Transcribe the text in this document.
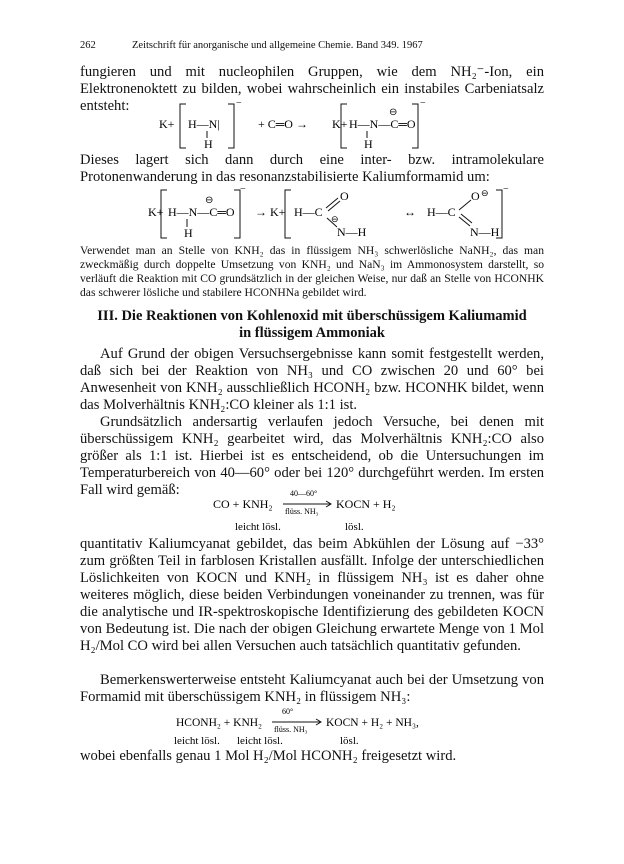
262	Zeitschrift für anorganische und allgemeine Chemie. Band 349. 1967

fungieren und mit nucleophilen Gruppen, wie dem NH₂⁻-Ion, ein Elektronenoktett zu bilden, wobei wahrscheinlich ein instabiles Carbeniatsalz entsteht:

K+ H—N|
H
−
+ C═O → K+ H—N—C═O
⊖
H
−

Dieses lagert sich dann durch eine inter- bzw. intramolekulare Protonenwanderung in das resonanzstabilisierte Kaliumformamid um:

K+ H—N—C═O
⊖
H
−
→ K+ H—C
O
⊖
N—H
↔ H—C
O ⊖
N—H
−

Verwendet man an Stelle von KNH₂ das in flüssigem NH₃ schwerlösliche NaNH₂, das man zweckmäßig durch doppelte Umsetzung von KNH₂ und NaN₃ im Ammonosystem darstellt, so verläuft die Reaktion mit CO grundsätzlich in der gleichen Weise, nur daß an Stelle von HCONHK das schwerer lösliche und stabilere HCONHNa gebildet wird.

III. Die Reaktionen von Kohlenoxid mit überschüssigem Kaliumamid
in flüssigem Ammoniak

Auf Grund der obigen Versuchsergebnisse kann somit festgestellt werden, daß sich bei der Reaktion von NH₃ und CO zwischen 20 und 60° bei Anwesenheit von KNH₂ ausschließlich HCONH₂ bzw. HCONHK bildet, wenn das Molverhältnis KNH₂:CO kleiner als 1:1 ist.

Grundsätzlich andersartig verlaufen jedoch Versuche, bei denen mit überschüssigem KNH₂ gearbeitet wird, das Molverhältnis KNH₂:CO also größer als 1:1 ist. Hierbei ist es entscheidend, ob die Untersuchungen im Temperaturbereich von 40—60° oder bei 120° durchgeführt werden. Im ersten Fall wird gemäß:

CO + KNH₂
40—60°
flüss. NH₃
KOCN + H₂
leicht lösl.	lösl.

quantitativ Kaliumcyanat gebildet, das beim Abkühlen der Lösung auf −33° zum größten Teil in farblosen Kristallen ausfällt. Infolge der unterschiedlichen Löslichkeiten von KOCN und KNH₂ in flüssigem NH₃ ist es daher ohne weiteres möglich, diese beiden Verbindungen voneinander zu trennen, was für die analytische und IR-spektroskopische Identifizierung des gebildeten KOCN von Bedeutung ist. Die nach der obigen Gleichung erwartete Menge von 1 Mol H₂/Mol CO wird bei allen Versuchen auch tatsächlich quantitativ gefunden.

Bemerkenswerterweise entsteht Kaliumcyanat auch bei der Umsetzung von Formamid mit überschüssigem KNH₂ in flüssigem NH₃:

HCONH₂ + KNH₂
60°
flüss. NH₃
KOCN + H₂ + NH₃,
leicht lösl. leicht lösl.	lösl.

wobei ebenfalls genau 1 Mol H₂/Mol HCONH₂ freigesetzt wird.
